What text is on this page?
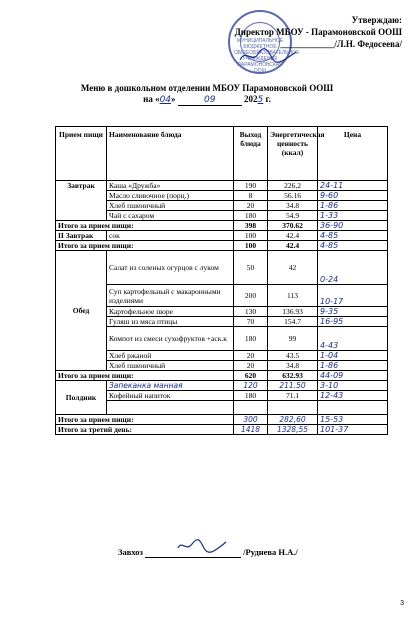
МУНИЦИПАЛЬНОЕ БЮДЖЕТНОЕ ОБЩЕОБРАЗОВАТЕЛЬНОЕ УЧРЕЖДЕНИЕ ПАРАМОНОВСКАЯ ООШ
Утверждаю:
Директор МБОУ - Парамоновской ООШ
____________/Л.Н. Федосеева/
Меню в дошкольном отделении МБОУ Парамоновской ООШ
на «04»	09	2025 г.
Прием пищи	Наименование блюда	Выход блюда	Энергетическая ценность (ккал)	Цена
Завтрак	Каша «Дружба»	190	226,2	24-11
	Масло сливочное (порц.)	8	56.16	9-60
	Хлеб пшеничный	20	34.8	1-86
	Чай с сахаром	180	54.9	1-33
Итого за прием пищи:		398	370.62	36-90
II Завтрак	сок	100	42.4	4-85
Итого за прием пищи:		100	42.4	4-85
Обед	Салат из соленых огурцов с луком	50	42	0-24
	Суп картофельный с макаронными изделиями	200	113	10-17
	Картофельное пюре	130	136.93	9-35
	Гуляш из мяса птицы	70	154.7	16-95
	Компот из смеси сухофруктов +аск.к	180	99	4-43
	Хлеб ржаной	20	43.5	1-04
	Хлеб пшеничный	20	34.8	1-86
Итого за прием пищи:		620	632.93	44-09
Полдник	Запеканка манная	120	211.50	3-10
	Кофейный напиток	180	71.1	12-43

Итого за прием пищи:		300	282,60	15-53
Итого за третий день:		1418	1328,55	101-37
Завхоз	/Руднева Н.А./
3
